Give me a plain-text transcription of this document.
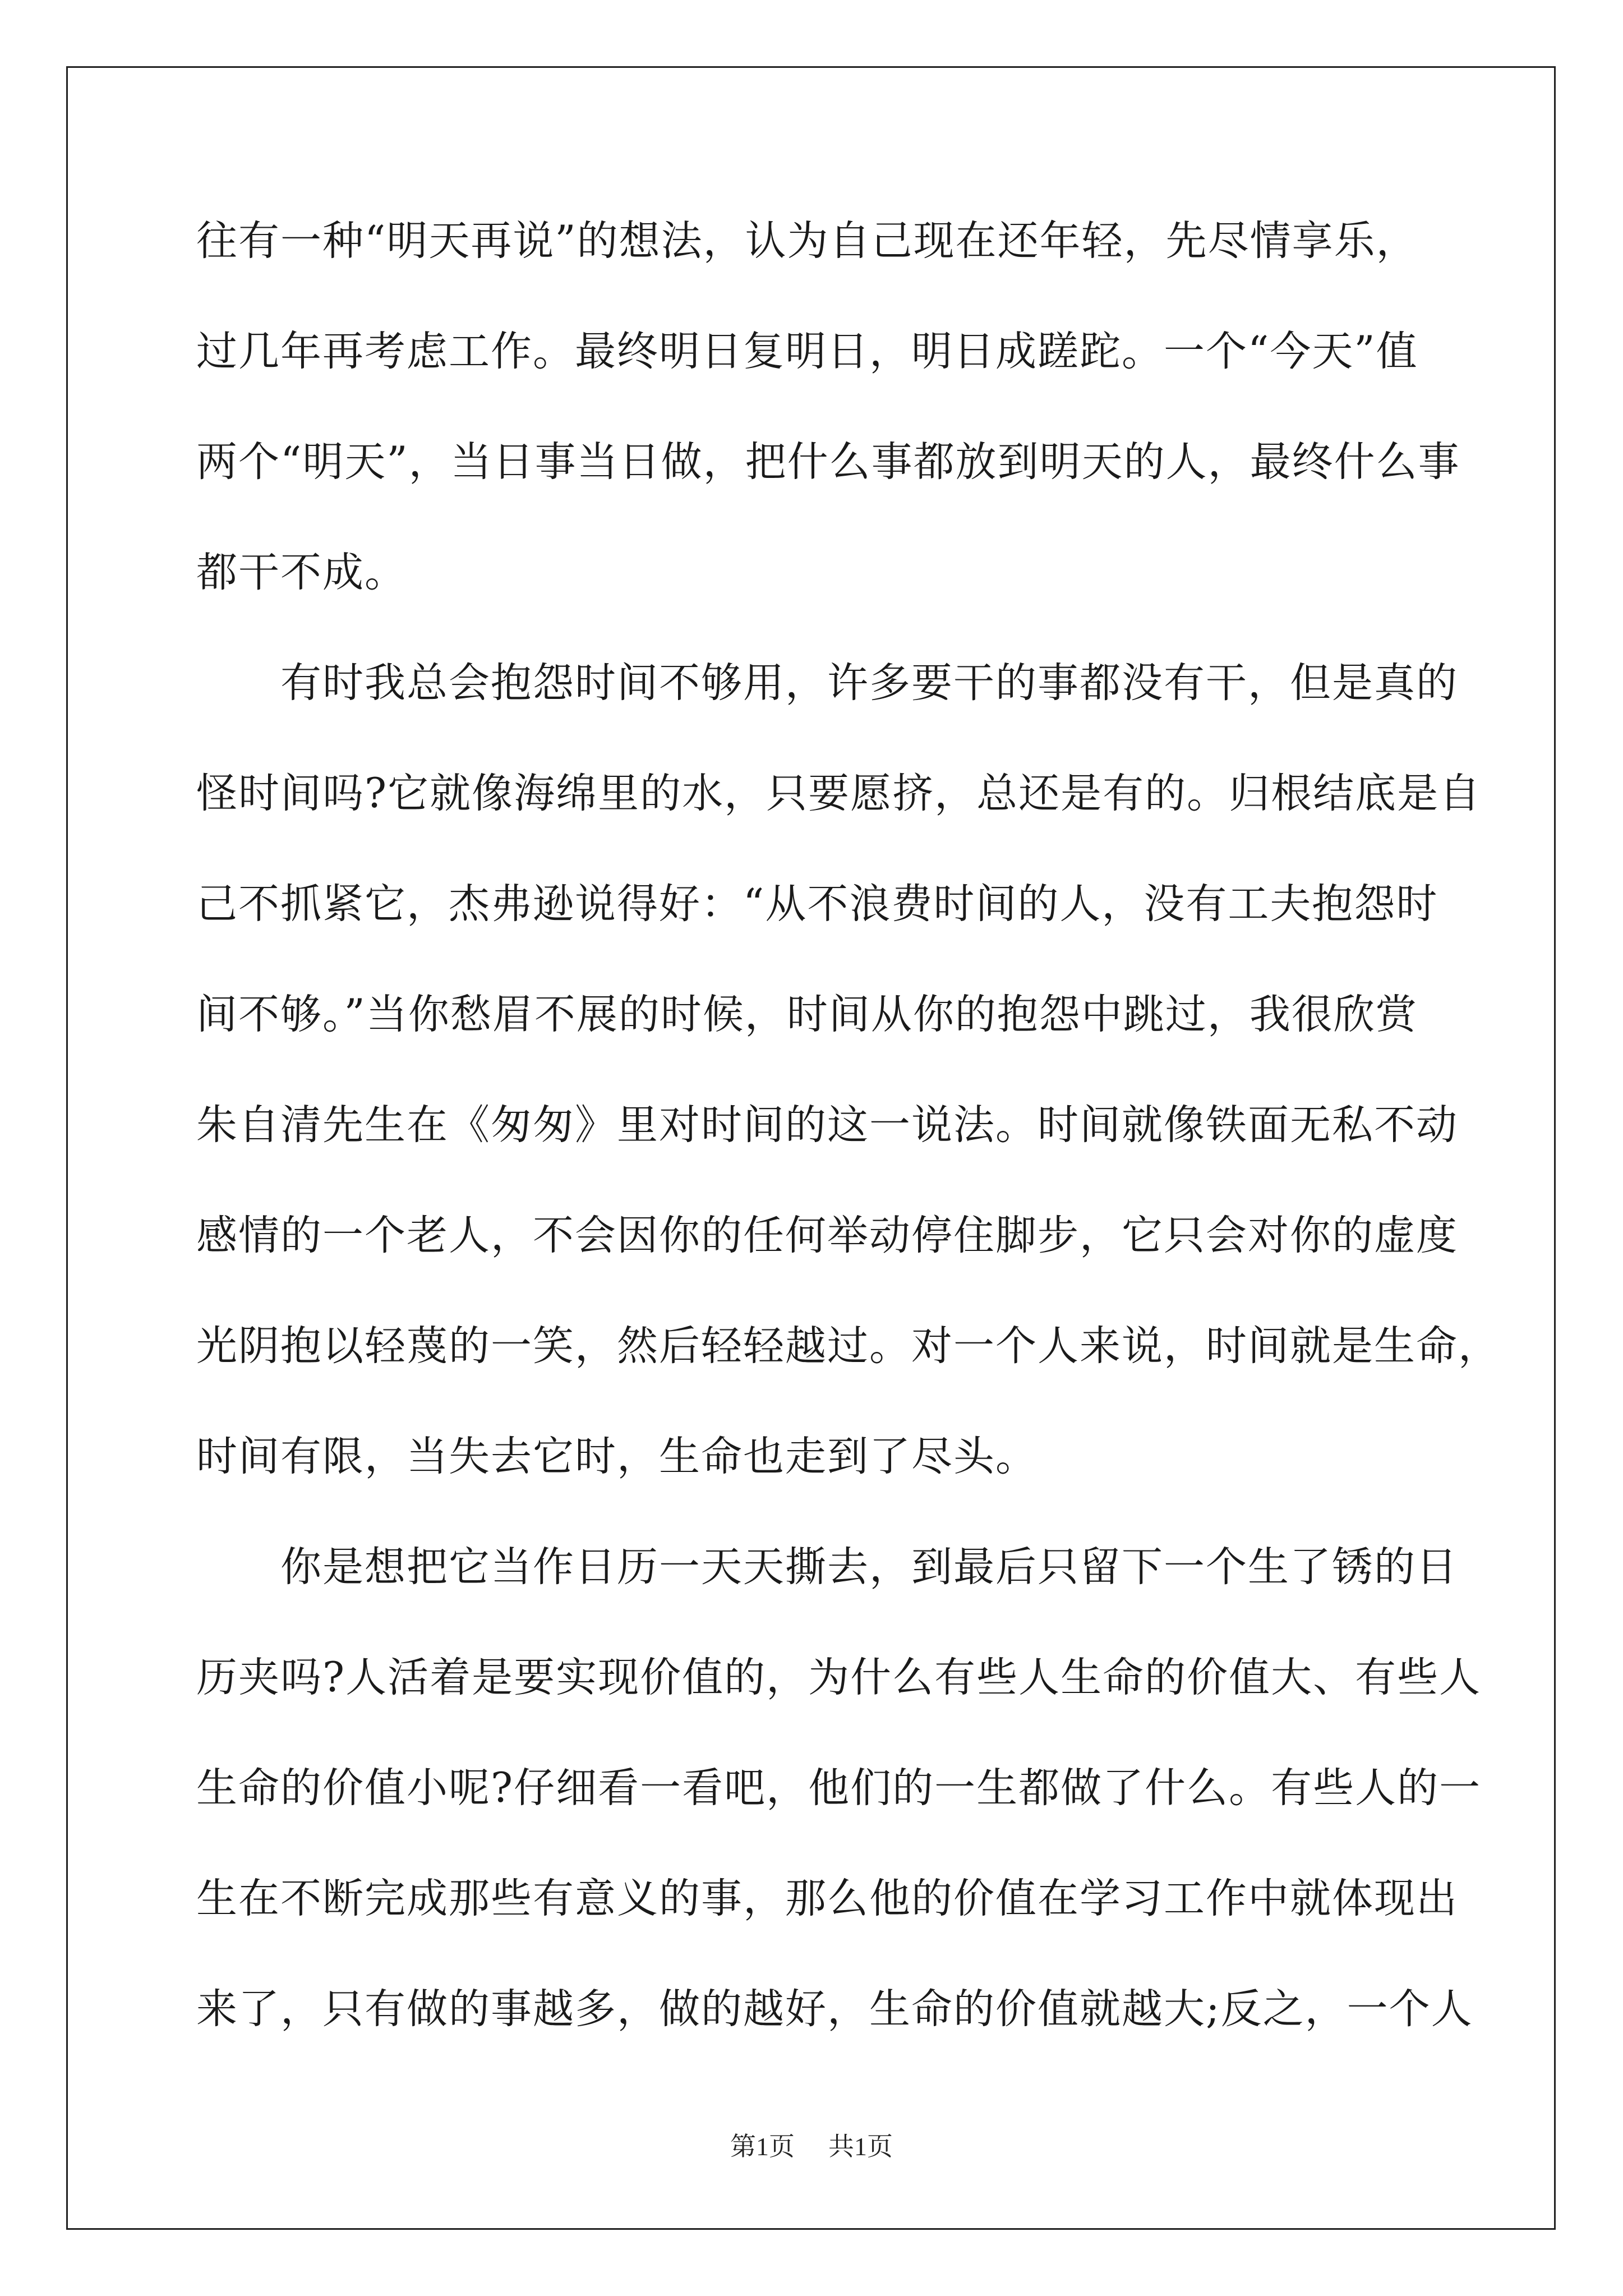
往有一种“明天再说”的想法，认为自己现在还年轻，先尽情享乐，
过几年再考虑工作。最终明日复明日，明日成蹉跎。一个“今天”值
两个“明天”，当日事当日做，把什么事都放到明天的人，最终什么事
都干不成。
　　有时我总会抱怨时间不够用，许多要干的事都没有干，但是真的
怪时间吗?它就像海绵里的水，只要愿挤，总还是有的。归根结底是自
己不抓紧它，杰弗逊说得好：“从不浪费时间的人，没有工夫抱怨时
间不够。”当你愁眉不展的时候，时间从你的抱怨中跳过，我很欣赏
朱自清先生在《匆匆》里对时间的这一说法。时间就像铁面无私不动
感情的一个老人，不会因你的任何举动停住脚步，它只会对你的虚度
光阴抱以轻蔑的一笑，然后轻轻越过。对一个人来说，时间就是生命，
时间有限，当失去它时，生命也走到了尽头。
　　你是想把它当作日历一天天撕去，到最后只留下一个生了锈的日
历夹吗?人活着是要实现价值的，为什么有些人生命的价值大、有些人
生命的价值小呢?仔细看一看吧，他们的一生都做了什么。有些人的一
生在不断完成那些有意义的事，那么他的价值在学习工作中就体现出
来了，只有做的事越多，做的越好，生命的价值就越大;反之，一个人
第1页 共1页
